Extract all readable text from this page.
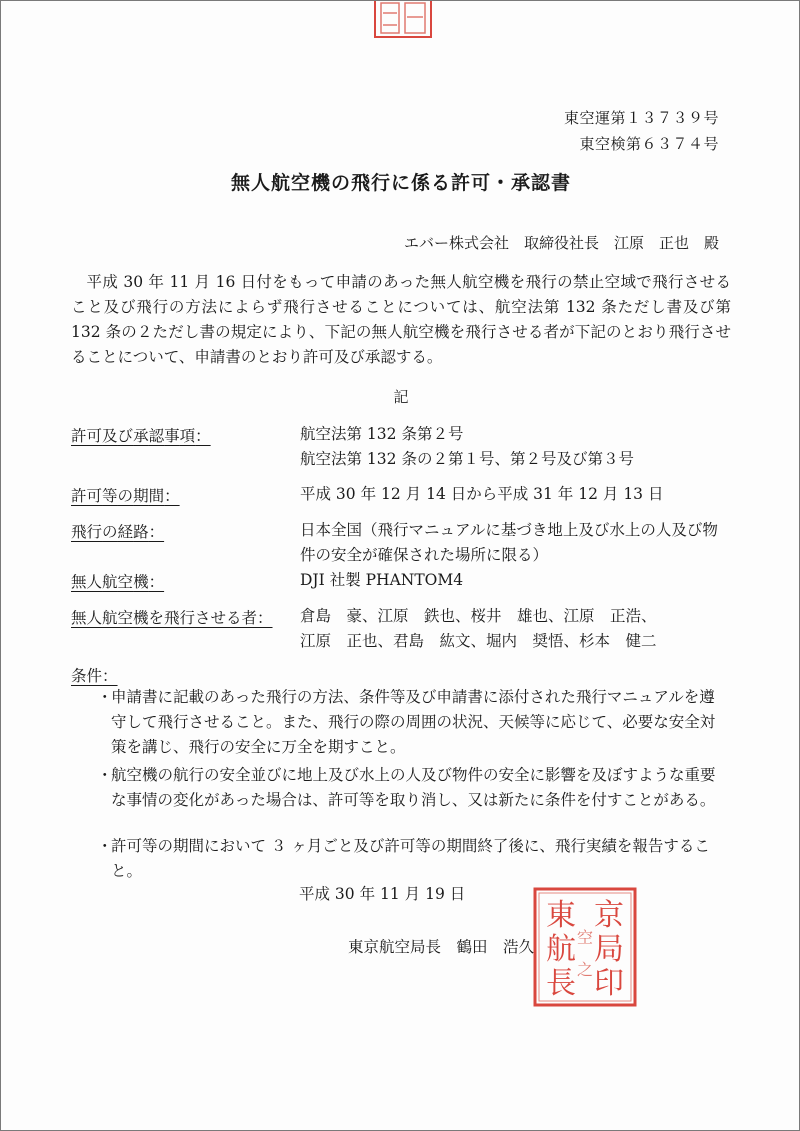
東空運第１３７３９号
東空検第６３７４号
無人航空機の飛行に係る許可・承認書
エバー株式会社　取締役社長　江原　正也　殿
平成 30 年 11 月 16 日付をもって申請のあった無人航空機を飛行の禁止空域で飛行させること及び飛行の方法によらず飛行させることについては、航空法第 132 条ただし書及び第 132 条の２ただし書の規定により、下記の無人航空機を飛行させる者が下記のとおり飛行させることについて、申請書のとおり許可及び承認する。
記
許可及び承認事項：	航空法第 132 条第２号
航空法第 132 条の２第１号、第２号及び第３号
許可等の期間：	平成 30 年 12 月 14 日から平成 31 年 12 月 13 日
飛行の経路：	日本全国（飛行マニュアルに基づき地上及び水上の人及び物件の安全が確保された場所に限る）
無人航空機：	DJI 社製 PHANTOM4
無人航空機を飛行させる者：	倉島　豪、江原　鉄也、桜井　雄也、江原　正浩、
江原　正也、君島　紘文、堀内　奨悟、杉本　健二
条件：
・
申請書に記載のあった飛行の方法、条件等及び申請書に添付された飛行マニュアルを遵守して飛行させること。また、飛行の際の周囲の状況、天候等に応じて、必要な安全対策を講じ、飛行の安全に万全を期すこと。
・
航空機の航行の安全並びに地上及び水上の人及び物件の安全に影響を及ぼすような重要な事情の変化があった場合は、許可等を取り消し、又は新たに条件を付すことがある。
・
許可等の期間において ３ ヶ月ごと及び許可等の期間終了後に、飛行実績を報告すること。
平成 30 年 11 月 19 日
東京航空局長　鶴田　浩久
京
局
印
東
航
長
空
之
